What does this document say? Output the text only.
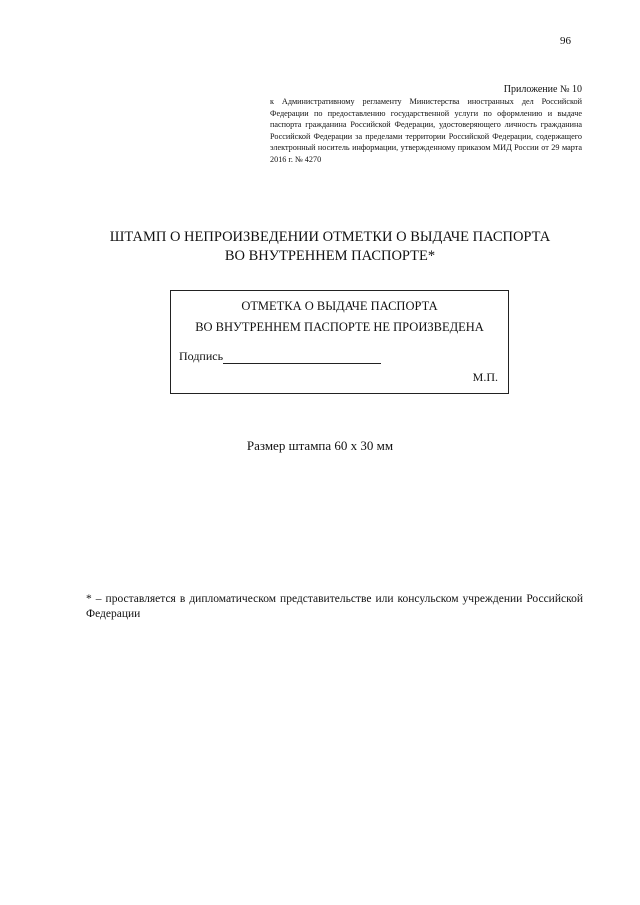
96
Приложение № 10
к Административному регламенту Министерства иностранных дел Российской Федерации по предоставлению государственной услуги по оформлению и выдаче паспорта гражданина Российской Федерации, удостоверяющего личность гражданина Российской Федерации за пределами территории Российской Федерации, содержащего электронный носитель информации, утвержденному приказом МИД России от 29 марта 2016 г. № 4270
ШТАМП О НЕПРОИЗВЕДЕНИИ ОТМЕТКИ О ВЫДАЧЕ ПАСПОРТА
ВО ВНУТРЕННЕМ ПАСПОРТЕ*
ОТМЕТКА О ВЫДАЧЕ ПАСПОРТА
ВО ВНУТРЕННЕМ ПАСПОРТЕ НЕ ПРОИЗВЕДЕНА
Подпись
М.П.
Размер штампа 60 х 30 мм
* – проставляется в дипломатическом представительстве или консульском учреждении Российской Федерации
